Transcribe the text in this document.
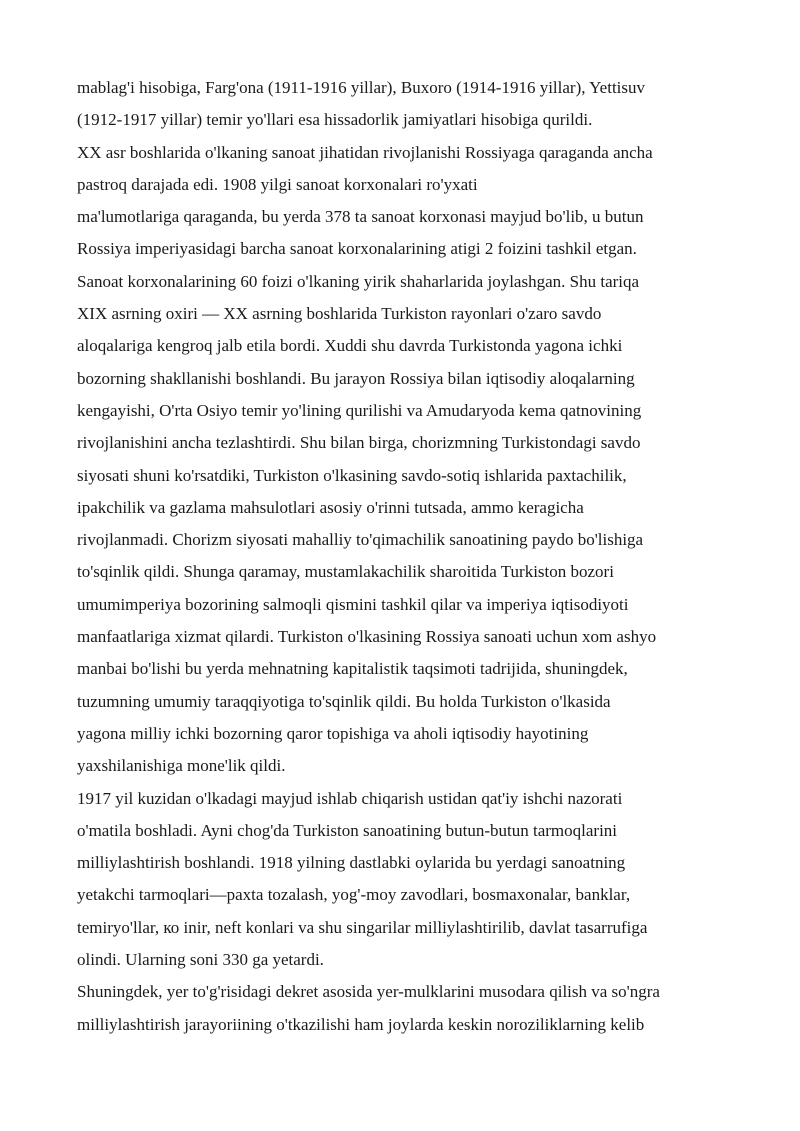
mablag'i hisobiga, Farg'ona (1911-1916 yillar), Buxoro (1914-1916 yillar), Yettisuv
(1912-1917 yillar) temir yo'llari esa hissadorlik jamiyatlari hisobiga qurildi.
XX asr boshlarida o'lkaning sanoat jihatidan rivojlanishi Rossiyaga qaraganda ancha
pastroq darajada edi. 1908 yilgi sanoat korxonalari ro'yxati
ma'lumotlariga qaraganda, bu yerda 378 ta sanoat korxonasi mayjud bo'lib, u butun
Rossiya imperiyasidagi barcha sanoat korxonalarining atigi 2 foizini tashkil etgan.
Sanoat korxonalarining 60 foizi o'lkaning yirik shaharlarida joylashgan. Shu tariqa
XIX asrning oxiri — XX asrning boshlarida Turkiston rayonlari o'zaro savdo
aloqalariga kengroq jalb etila bordi. Xuddi shu davrda Turkistonda yagona ichki
bozorning shakllanishi boshlandi. Bu jarayon Rossiya bilan iqtisodiy aloqalarning
kengayishi, O'rta Osiyo temir yo'lining qurilishi va Amudaryoda kema qatnovining
rivojlanishini ancha tezlashtirdi. Shu bilan birga, chorizmning Turkistondagi savdo
siyosati shuni ko'rsatdiki, Turkiston o'lkasining savdo-sotiq ishlarida paxtachilik,
ipakchilik va gazlama mahsulotlari asosiy o'rinni tutsada, ammo keragicha
rivojlanmadi. Chorizm siyosati mahalliy to'qimachilik sanoatining paydo bo'lishiga
to'sqinlik qildi. Shunga qaramay, mustamlakachilik sharoitida Turkiston bozori
umumimperiya bozorining salmoqli qismini tashkil qilar va imperiya iqtisodiyoti
manfaatlariga xizmat qilardi. Turkiston o'lkasining Rossiya sanoati uchun xom ashyo
manbai bo'lishi bu yerda mehnatning kapitalistik taqsimoti tadrijida, shuningdek,
tuzumning umumiy taraqqiyotiga to'sqinlik qildi. Bu holda Turkiston o'lkasida
yagona milliy ichki bozorning qaror topishiga va aholi iqtisodiy hayotining
yaxshilanishiga mone'lik qildi.
1917 yil kuzidan o'lkadagi mayjud ishlab chiqarish ustidan qat'iy ishchi nazorati
o'matila boshladi. Ayni chog'da Turkiston sanoatining butun-butun tarmoqlarini
milliylashtirish boshlandi. 1918 yilning dastlabki oylarida bu yerdagi sanoatning
yetakchi tarmoqlari—paxta tozalash, yog'-moy zavodlari, bosmaxonalar, banklar,
temiryo'llar, ко inir, neft konlari va shu singarilar milliylashtirilib, davlat tasarrufiga
olindi. Ularning soni 330 ga yetardi.
Shuningdek, yer to'g'risidagi dekret asosida yer-mulklarini musodara qilish va so'ngra
milliylashtirish jarayoriining o'tkazilishi ham joylarda keskin noroziliklarning kelib
